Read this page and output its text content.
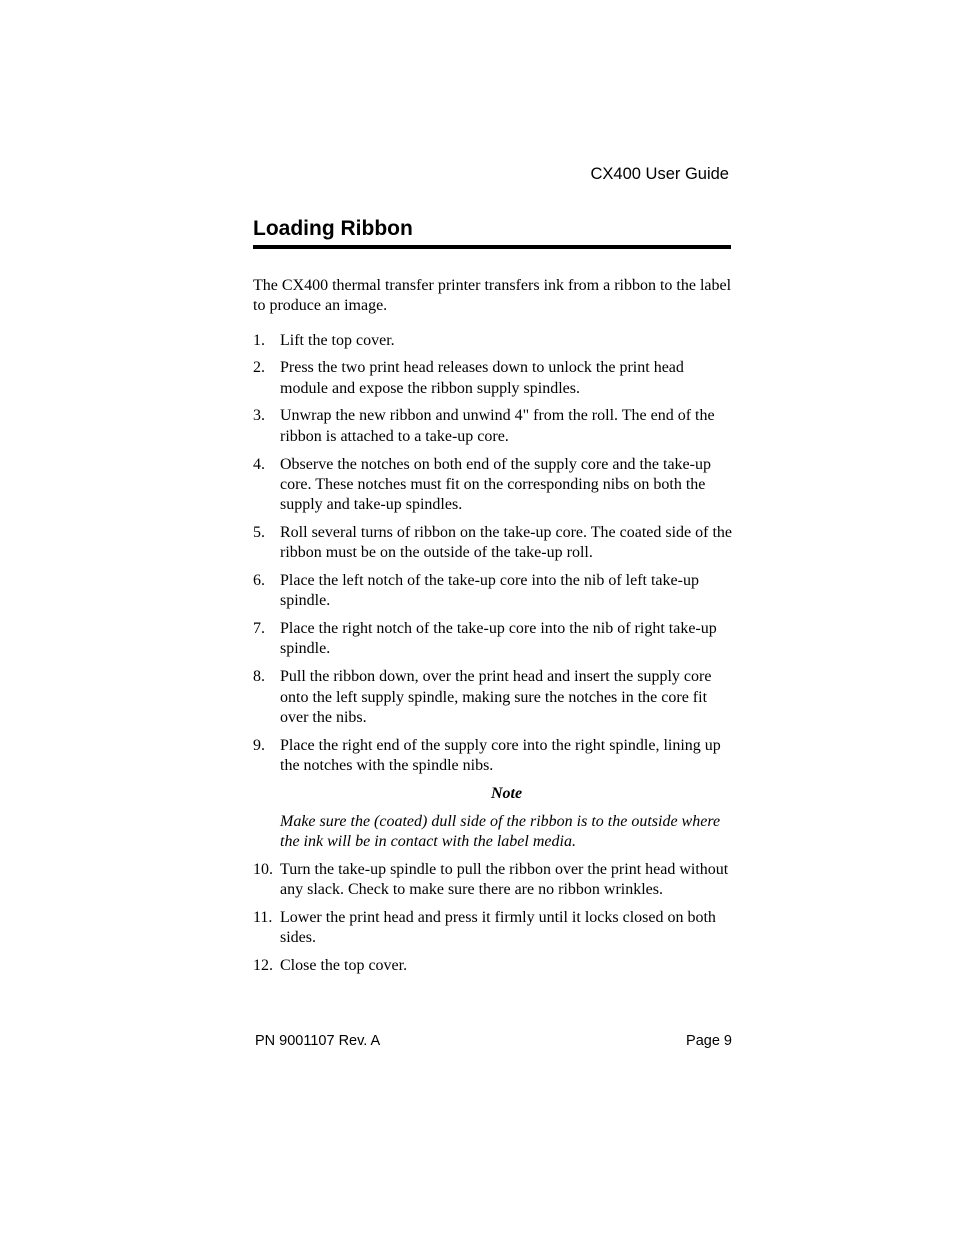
CX400 User Guide
Loading Ribbon

The CX400 thermal transfer printer transfers ink from a ribbon to the label to produce an image.

1. Lift the top cover.
2. Press the two print head releases down to unlock the print head module and expose the ribbon supply spindles.
3. Unwrap the new ribbon and unwind 4" from the roll. The end of the ribbon is attached to a take-up core.
4. Observe the notches on both end of the supply core and the take-up core. These notches must fit on the corresponding nibs on both the supply and take-up spindles.
5. Roll several turns of ribbon on the take-up core. The coated side of the ribbon must be on the outside of the take-up roll.
6. Place the left notch of the take-up core into the nib of left take-up spindle.
7. Place the right notch of the take-up core into the nib of right take-up spindle.
8. Pull the ribbon down, over the print head and insert the supply core onto the left supply spindle, making sure the notches in the core fit over the nibs.
9. Place the right end of the supply core into the right spindle, lining up the notches with the spindle nibs.

Note

Make sure the (coated) dull side of the ribbon is to the outside where the ink will be in contact with the label media.

10. Turn the take-up spindle to pull the ribbon over the print head without any slack. Check to make sure there are no ribbon wrinkles.
11. Lower the print head and press it firmly until it locks closed on both sides.
12. Close the top cover.
PN 9001107 Rev. A	Page 9
